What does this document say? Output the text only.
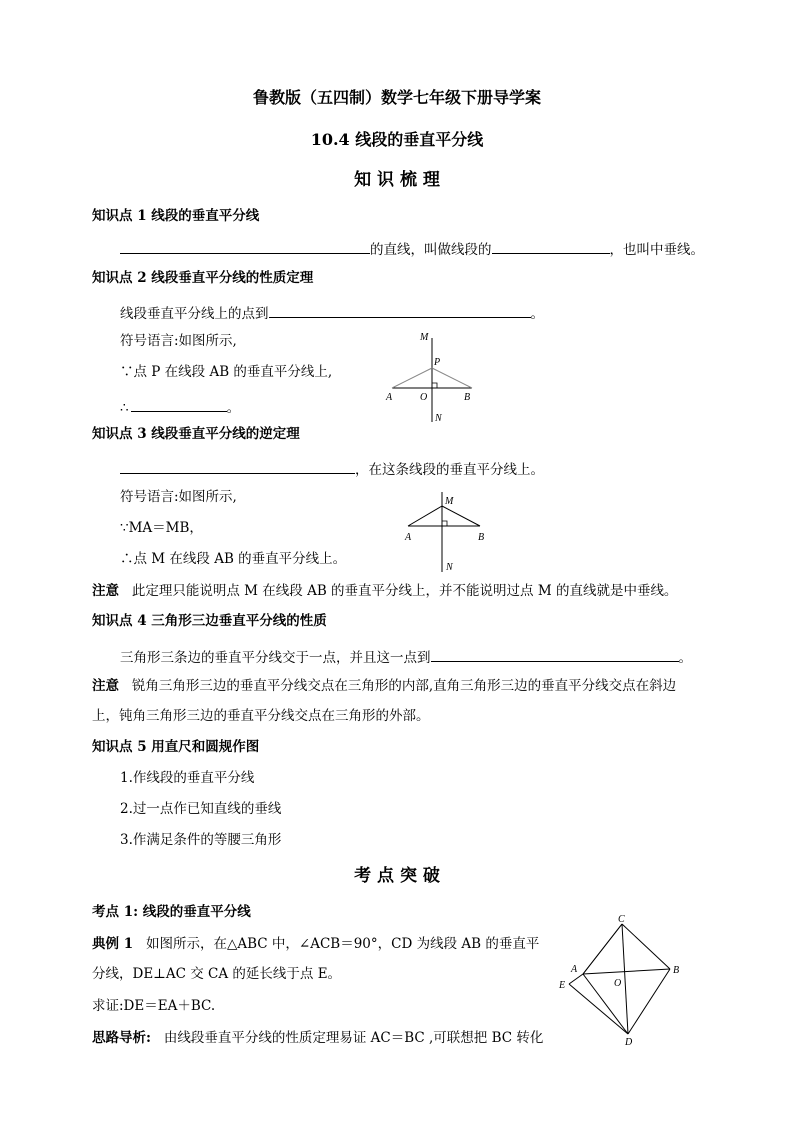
鲁教版（五四制）数学七年级下册导学案
10.4 线段的垂直平分线
知 识 梳 理
知识点 1 线段的垂直平分线
的直线，叫做线段的	，也叫中垂线。
知识点 2 线段垂直平分线的性质定理
线段垂直平分线上的点到	。
符号语言:如图所示,
∵点 P 在线段 AB 的垂直平分线上,
∴	。
M
P
A	O	B
N
知识点 3 线段垂直平分线的逆定理
，在这条线段的垂直平分线上。
符号语言:如图所示,
∵MA＝MB，
∴点 M 在线段 AB 的垂直平分线上。
M
A	B
N
注意 此定理只能说明点 M 在线段 AB 的垂直平分线上，并不能说明过点 M 的直线就是中垂线。
知识点 4 三角形三边垂直平分线的性质
三角形三条边的垂直平分线交于一点，并且这一点到	。
注意 锐角三角形三边的垂直平分线交点在三角形的内部,直角三角形三边的垂直平分线交点在斜边
上，钝角三角形三边的垂直平分线交点在三角形的外部。
知识点 5 用直尺和圆规作图
1.作线段的垂直平分线
2.过一点作已知直线的垂线
3.作满足条件的等腰三角形
考 点 突 破
考点 1: 线段的垂直平分线
典例 1 如图所示，在△ABC 中，∠ACB＝90°，CD 为线段 AB 的垂直平
分线，DE⊥AC 交 CA 的延长线于点 E。
求证:DE＝EA＋BC.
思路导析: 由线段垂直平分线的性质定理易证 AC＝BC ,可联想把 BC 转化
C
A
E	O
B
D
